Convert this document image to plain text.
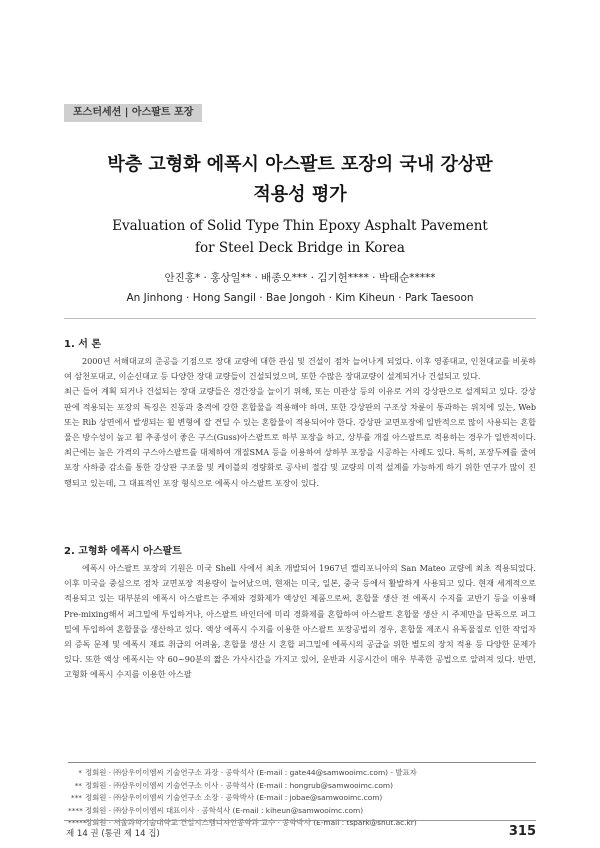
포스터세션 | 아스팔트 포장
박층 고형화 에폭시 아스팔트 포장의 국내 강상판
적용성 평가
Evaluation of Solid Type Thin Epoxy Asphalt Pavement
for Steel Deck Bridge in Korea
안진홍* · 홍상일** · 배종오*** · 김기헌**** · 박태순*****
An Jinhong · Hong Sangil · Bae Jongoh · Kim Kiheun · Park Taesoon
1. 서 론

2000년 서해대교의 준공을 기점으로 장대 교량에 대한 관심 및 건설이 점차 늘어나게 되었다. 이후 영종대교, 인천대교를 비롯하여 삼천포대교, 이순신대교 등 다양한 장대 교량들이 건설되었으며, 또한 수많은 장대교량이 설계되거나 건설되고 있다.

최근 들어 계획 되거나 건설되는 장대 교량들은 경간장을 늘이기 위해, 또는 미관상 등의 이유로 거의 강상판으로 설계되고 있다. 강상판에 적용되는 포장의 특징은 진동과 충격에 강한 혼합물을 적용해야 하며, 또한 강상판의 구조상 차륜이 통과하는 위치에 있는, Web 또는 Rib 상면에서 발생되는 휨 변형에 잘 견딜 수 있는 혼합물이 적용되어야 한다. 강상판 교면포장에 일반적으로 많이 사용되는 혼합물은 방수성이 높고 휨 추종성이 좋은 구스(Guss)아스팔트로 하부 포장을 하고, 상부를 개질 아스팔트로 적용하는 경우가 일반적이다. 최근에는 높은 가격의 구스아스팔트를 대체하여 개질SMA 등을 이용하여 상하부 포장을 시공하는 사례도 있다. 특히, 포장두께를 줄여 포장 사하중 감소를 통한 강상판 구조물 및 케이블의 경량화로 공사비 절감 및 교량의 미적 설계를 가능하게 하기 위한 연구가 많이 진행되고 있는데, 그 대표적인 포장 형식으로 에폭시 아스팔트 포장이 있다.

2. 고형화 에폭시 아스팔트

에폭시 아스팔트 포장의 기원은 미국 Shell 사에서 최초 개발되어 1967년 캘리포니아의 San Mateo 교량에 최초 적용되었다. 이후 미국을 중심으로 점차 교면포장 적용량이 늘어났으며, 현재는 미국, 일본, 중국 등에서 활발하게 사용되고 있다. 현재 세계적으로 적용되고 있는 대부분의 에폭시 아스팔트는 주제와 경화제가 액상인 제품으로써, 혼합물 생산 전 에폭시 수지를 교반기 등을 이용해 Pre-mixing해서 퍼그밀에 투입하거나, 아스팔트 바인더에 미리 경화제를 혼합하여 아스팔트 혼합물 생산 시 주제만을 단독으로 퍼그밀에 투입하여 혼합물을 생산하고 있다. 액상 에폭시 수지를 이용한 아스팔트 포장공법의 경우, 혼합물 제조시 유독물질로 인한 작업자의 증독 문제 및 에폭시 재료 취급의 어려움, 혼합물 생산 시 혼합 퍼그밀에 에폭시의 공급을 위한 별도의 장치 적용 등 다양한 문제가 있다. 또한 액상 에폭시는 약 60~90분의 짧은 가사시간을 가지고 있어, 운반과 시공시간이 매우 부족한 공법으로 알려져 있다. 반면, 고형화 에폭시 수지를 이용한 아스팔

* 정회원 · ㈜삼우이이엠씨 기술연구소 과장 · 공학석사 (E-mail : gate44@samwooimc.com) - 발표자
** 정회원 · ㈜삼우이이엠씨 기술연구소 이사 · 공학석사 (E-mail : hongrub@samwooimc.com)
*** 정회원 · ㈜삼우이이엠씨 기술연구소 소장 · 공학박사 (E-mail : jobae@samwooimc.com)
**** 정회원 · ㈜삼우이이엠씨 대표이사 · 공학석사 (E-mail : kiheun@samwooimc.com)
*****정회원 · 서울과학기술대학교 건설시스템디자인공학과 교수 · 공학박사 (E-mail : tspark@snut.ac.kr)
제 14 권 (통권 제 14 집)	315
